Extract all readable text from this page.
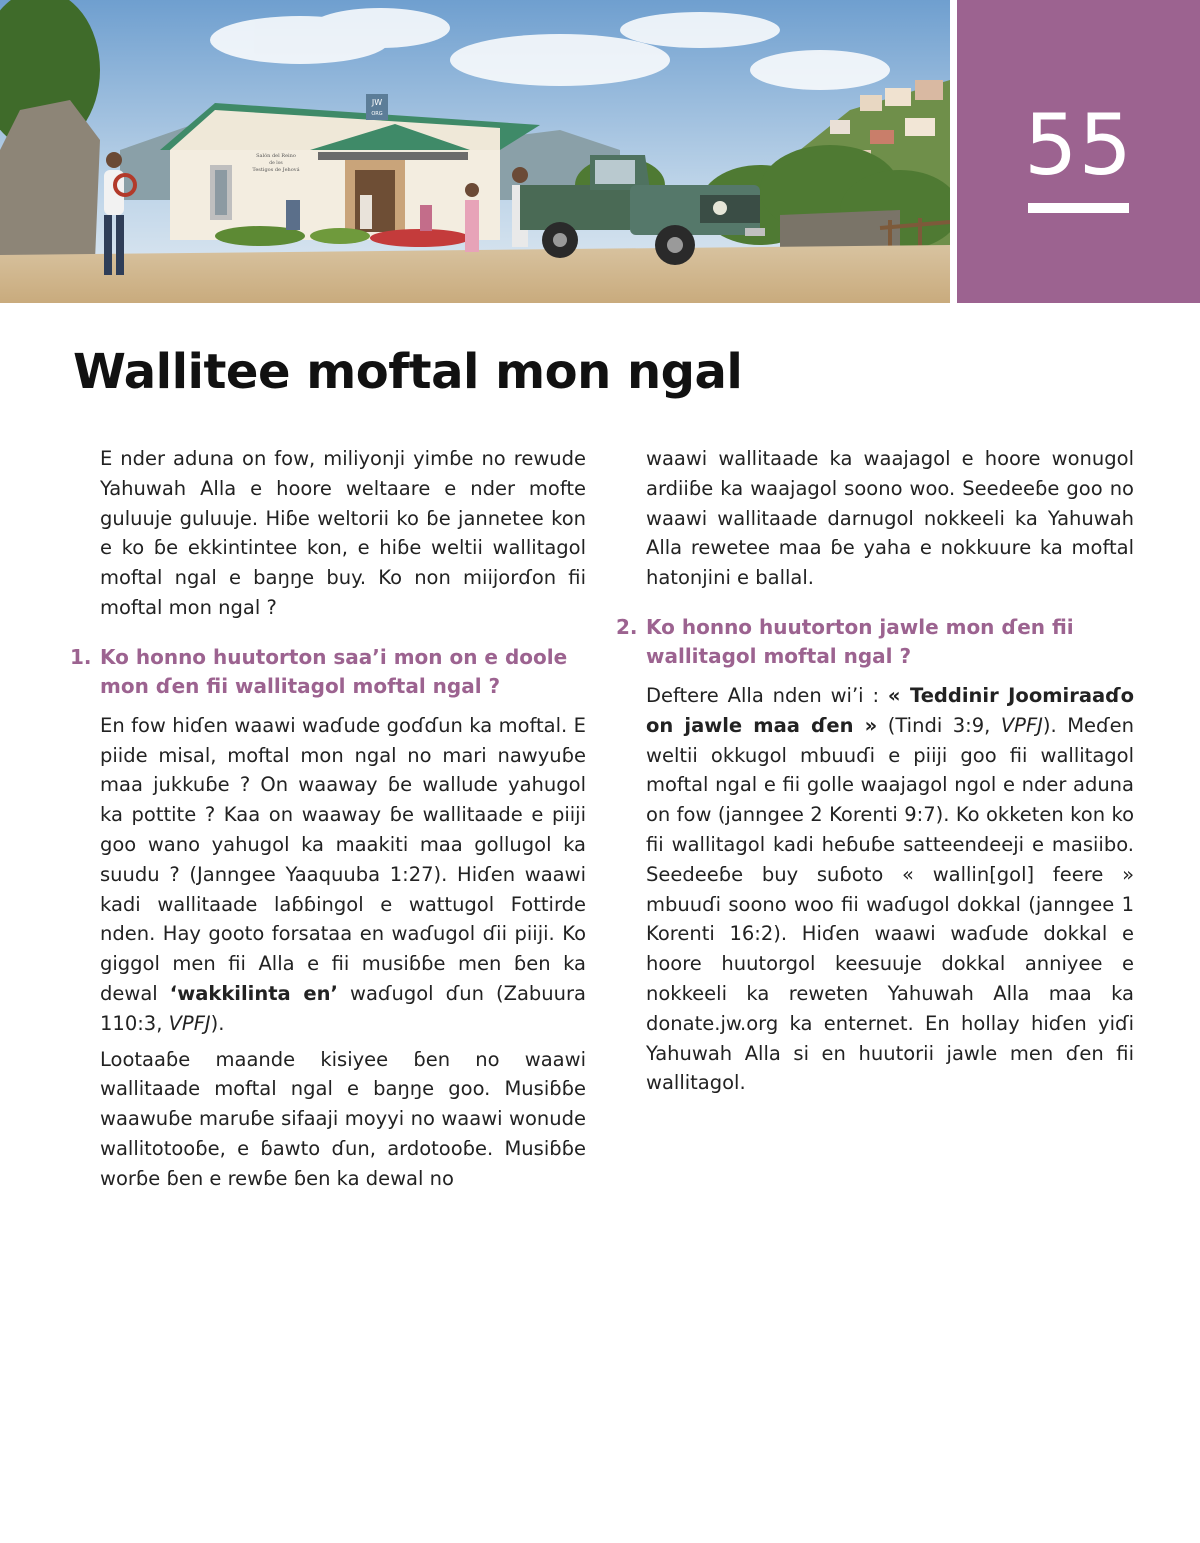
JW
ORG
Salón del Reino
de los
Testigos de Jehová	55
Wallitee moftal mon ngal

E nder aduna on fow, miliyonji yimɓe no rewude Yahuwah Alla e hoore weltaare e nder mofte guluuje guluuje. Hiɓe weltorii ko ɓe jannetee kon e ko ɓe ekkintintee kon, e hiɓe weltii wallitagol moftal ngal e baŋŋe buy. Ko non miijorɗon fii moftal mon ngal ?

1. Ko honno huutorton saa’i mon on e doole mon ɗen fii wallitagol moftal ngal ?

En fow hiɗen waawi waɗude goɗɗun ka moftal. E piide misal, moftal mon ngal no mari nawyuɓe maa jukkuɓe ? On waaway ɓe wallude yahugol ka pottite ? Kaa on waaway ɓe wallitaade e piiji goo wano yahugol ka maakiti maa gollugol ka suudu ? (Janngee Yaaquuba 1:27). Hiɗen waawi kadi wallitaade laɓɓingol e wattugol Fottirde nden. Hay gooto forsataa en waɗugol ɗii piiji. Ko giggol men fii Alla e fii musiɓɓe men ɓen ka dewal ‘wakkilinta en’ waɗugol ɗun (Zabuura 110:3, VPFJ).

Lootaaɓe maande kisiyee ɓen no waawi wallitaade moftal ngal e baŋŋe goo. Musiɓɓe waawuɓe maruɓe sifaaji moyyi no waawi wonude wallitotooɓe, e ɓawto ɗun, ardotooɓe. Musiɓɓe worɓe ɓen e rewɓe ɓen ka dewal no

waawi wallitaade ka waajagol e hoore wonugol ardiiɓe ka waajagol soono woo. Seedeeɓe goo no waawi wallitaade darnugol nokkeeli ka Yahuwah Alla rewetee maa ɓe yaha e nokkuure ka moftal hatonjini e ballal.

2. Ko honno huutorton jawle mon ɗen fii wallitagol moftal ngal ?

Deftere Alla nden wi’i : « Teddinir Joomiraaɗo on jawle maa ɗen » (Tindi 3:9, VPFJ). Meɗen weltii okkugol mbuuɗi e piiji goo fii wallitagol moftal ngal e fii golle waajagol ngol e nder aduna on fow (janngee 2 Korenti 9:7). Ko okketen kon ko fii wallitagol kadi heɓuɓe satteendeeji e masiibo. Seedeeɓe buy suɓoto « wallin[gol] feere » mbuuɗi soono woo fii waɗugol dokkal (janngee 1 Korenti 16:2). Hiɗen waawi waɗude dokkal e hoore huutorgol keesuuje dokkal anniyee e nokkeeli ka reweten Yahuwah Alla maa ka donate.jw.org ka enternet. En hollay hiɗen yiɗi Yahuwah Alla si en huutorii jawle men ɗen fii wallitagol.
